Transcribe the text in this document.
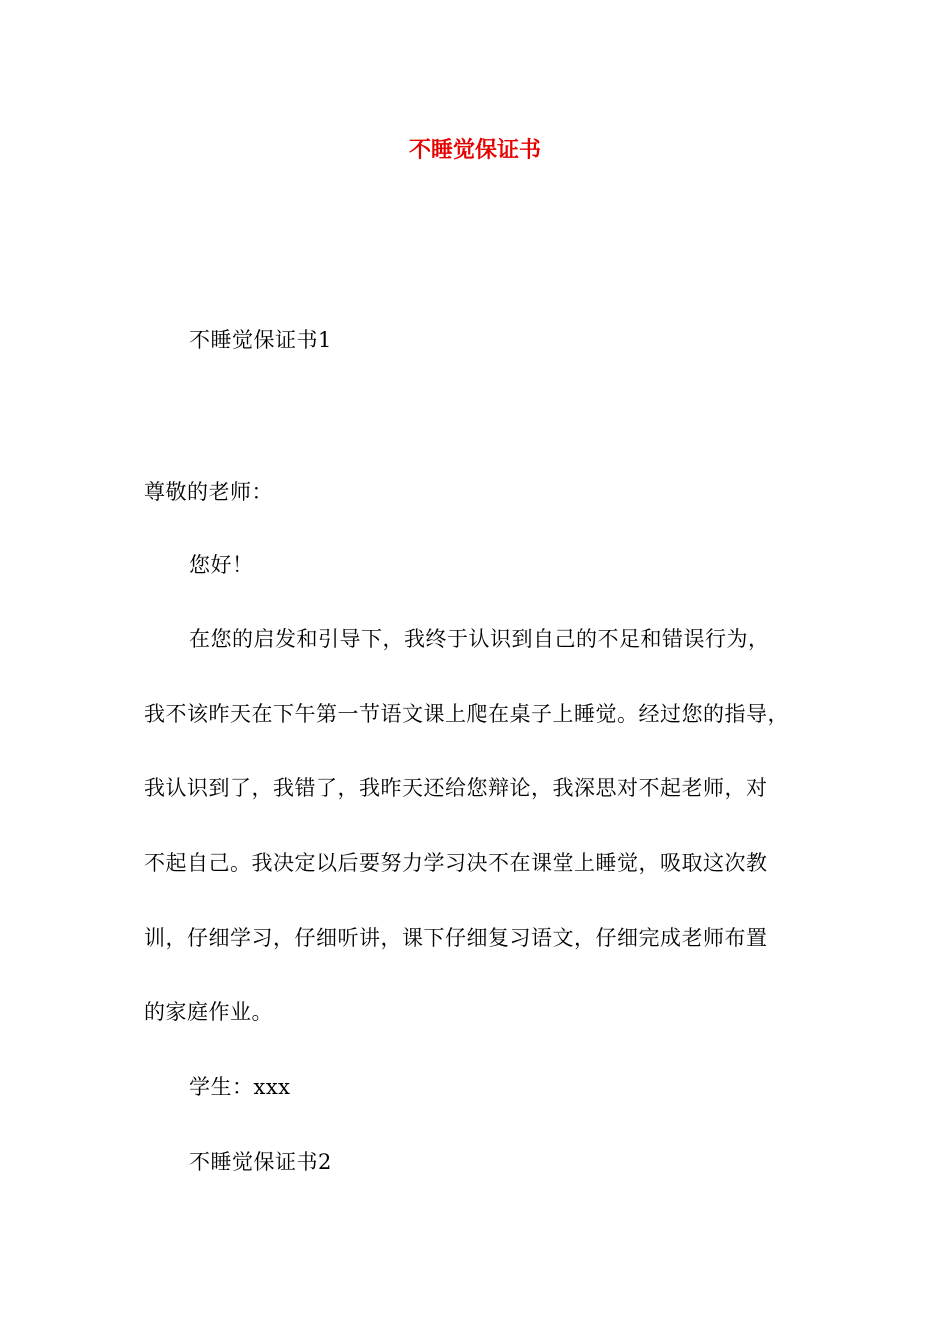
不睡觉保证书
不睡觉保证书1
尊敬的老师：
您好！
在您的启发和引导下，我终于认识到自己的不足和错误行为，
我不该昨天在下午第一节语文课上爬在桌子上睡觉。经过您的指导，
我认识到了，我错了，我昨天还给您辩论，我深思对不起老师，对
不起自己。我决定以后要努力学习决不在课堂上睡觉，吸取这次教
训，仔细学习，仔细听讲，课下仔细复习语文，仔细完成老师布置
的家庭作业。
学生：xxx
不睡觉保证书2
